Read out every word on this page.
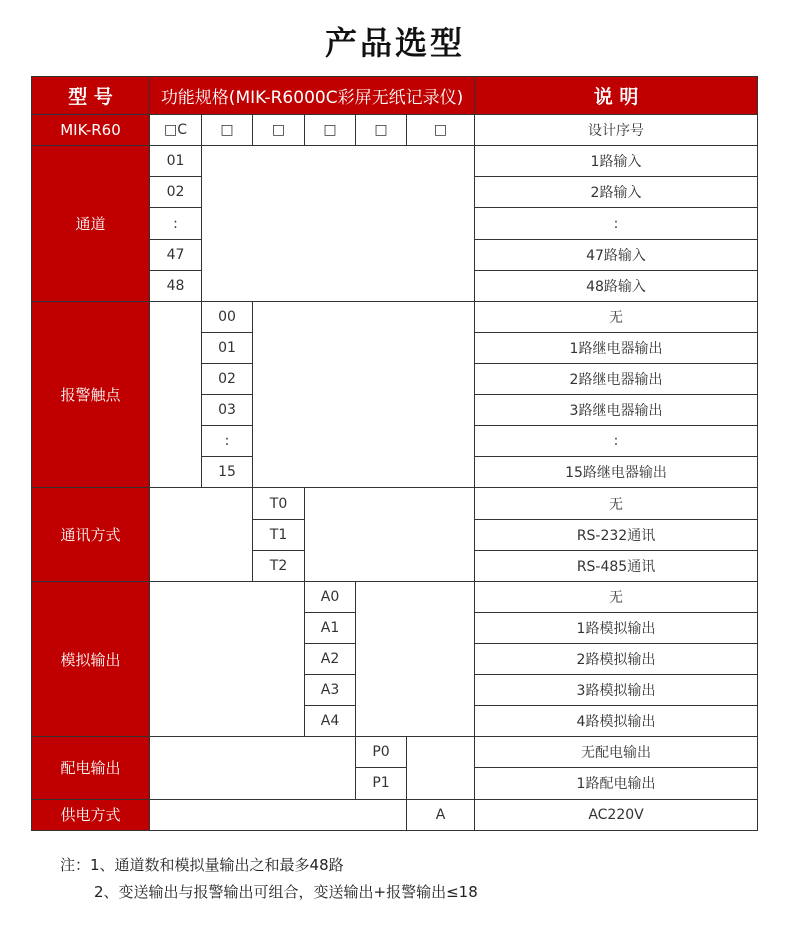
产品选型
型 号	功能规格(MIK-R6000C彩屏无纸记录仪)						说 明
MIK-R60	□C	□	□	□	□	□	设计序号
通道	01						1路输入
	02						2路输入
	:						:
	47						47路输入
	48						48路输入
报警触点		00					无
		01					1路继电器输出
		02					2路继电器输出
		03					3路继电器输出
		:					:
		15					15路继电器输出
通讯方式			T0				无
			T1				RS-232通讯
			T2				RS-485通讯
模拟输出				A0			无
				A1			1路模拟输出
				A2			2路模拟输出
				A3			3路模拟输出
				A4			4路模拟输出
配电输出					P0		无配电输出
					P1		1路配电输出
供电方式						A	AC220V
注：1、通道数和模拟量输出之和最多48路
2、变送输出与报警输出可组合，变送输出+报警输出≤18
